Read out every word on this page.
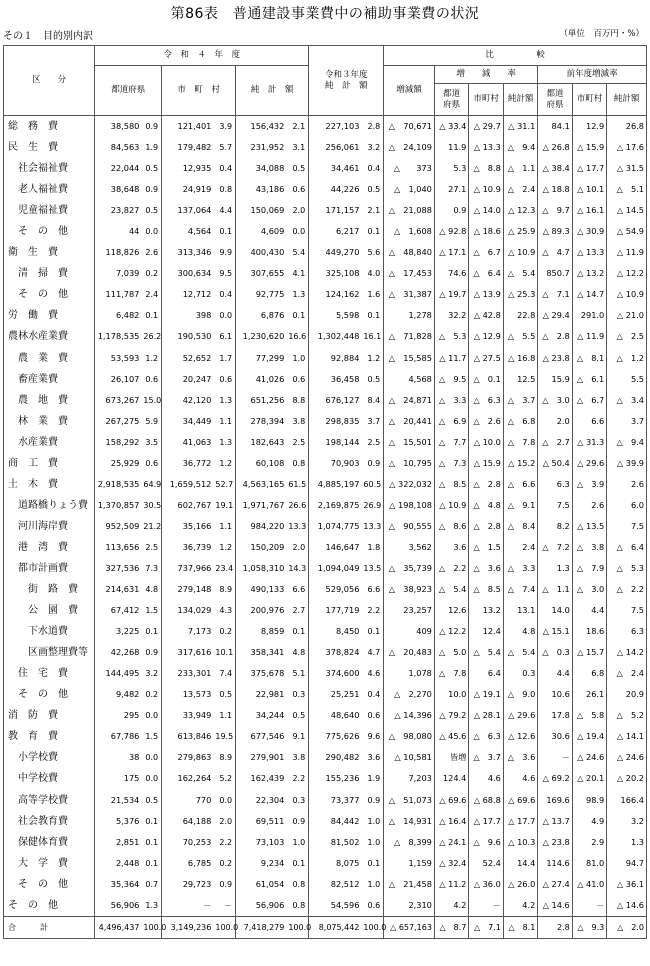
第86表　普通建設事業費中の補助事業費の状況
その１　目的別内訳	（単位　百万円・%）
区　　分	令　和　４　年　度						令和３年度
純　計　額		比　　　　　較						
	都道府県		市　町　村		純　計　額				増減額	増　　減　　率			前年度増減率		
										都道
府県	市町村	純計額	都道
府県	市町村	純計額
総　務　費	38,580	0.9	121,401	3.9	156,432	2.1	227,103	2.8	△　70,671	△ 33.4	△ 29.7	△ 31.1	84.1	12.9	26.8
民　生　費	84,563	1.9	179,482	5.7	231,952	3.1	256,061	3.2	△　24,109	11.9	△ 13.3	△　9.4	△ 26.8	△ 15.9	△ 17.6
社会福祉費	22,044	0.5	12,935	0.4	34,088	0.5	34,461	0.4	△　　373	5.3	△　8.8	△　1.1	△ 38.4	△ 17.7	△ 31.5
老人福祉費	38,648	0.9	24,919	0.8	43,186	0.6	44,226	0.5	△　1,040	27.1	△ 10.9	△　2.4	△ 18.8	△ 10.1	△　5.1
児童福祉費	23,827	0.5	137,064	4.4	150,069	2.0	171,157	2.1	△　21,088	0.9	△ 14.0	△ 12.3	△　9.7	△ 16.1	△ 14.5
そ　の　他	44	0.0	4,564	0.1	4,609	0.0	6,217	0.1	△　1,608	△ 92.8	△ 18.6	△ 25.9	△ 89.3	△ 30.9	△ 54.9
衛　生　費	118,826	2.6	313,346	9.9	400,430	5.4	449,270	5.6	△　48,840	△ 17.1	△　6.7	△ 10.9	△　4.7	△ 13.3	△ 11.9
清　掃　費	7,039	0.2	300,634	9.5	307,655	4.1	325,108	4.0	△　17,453	74.6	△　6.4	△　5.4	850.7	△ 13.2	△ 12.2
そ　の　他	111,787	2.4	12,712	0.4	92,775	1.3	124,162	1.6	△　31,387	△ 19.7	△ 13.9	△ 25.3	△　7.1	△ 14.7	△ 10.9
労　働　費	6,482	0.1	398	0.0	6,876	0.1	5,598	0.1	1,278	32.2	△ 42.8	22.8	△ 29.4	291.0	△ 21.0
農林水産業費	1,178,535	26.2	190,530	6.1	1,230,620	16.6	1,302,448	16.1	△　71,828	△　5.3	△ 12.9	△　5.5	△　2.8	△ 11.9	△　2.5
農　業　費	53,593	1.2	52,652	1.7	77,299	1.0	92,884	1.2	△　15,585	△ 11.7	△ 27.5	△ 16.8	△ 23.8	△　8.1	△　1.2
畜産業費	26,107	0.6	20,247	0.6	41,026	0.6	36,458	0.5	4,568	△　9.5	△　0.1	12.5	15.9	△　6.1	5.5
農　地　費	673,267	15.0	42,120	1.3	651,256	8.8	676,127	8.4	△　24,871	△　3.3	△　6.3	△　3.7	△　3.0	△　6.7	△　3.4
林　業　費	267,275	5.9	34,449	1.1	278,394	3.8	298,835	3.7	△　20,441	△　6.9	△　2.6	△　6.8	2.0	6.6	3.7
水産業費	158,292	3.5	41,063	1.3	182,643	2.5	198,144	2.5	△　15,501	△　7.7	△ 10.0	△　7.8	△　2.7	△ 31.3	△　9.4
商　工　費	25,929	0.6	36,772	1.2	60,108	0.8	70,903	0.9	△　10,795	△　7.3	△ 15.9	△ 15.2	△ 50.4	△ 29.6	△ 39.9
土　木　費	2,918,535	64.9	1,659,512	52.7	4,563,165	61.5	4,885,197	60.5	△ 322,032	△　8.5	△　2.8	△　6.6	6.3	△　3.9	2.6
道路橋りょう費	1,370,857	30.5	602,767	19.1	1,971,767	26.6	2,169,875	26.9	△ 198,108	△ 10.9	△　4.8	△　9.1	7.5	2.6	6.0
河川海岸費	952,509	21.2	35,166	1.1	984,220	13.3	1,074,775	13.3	△　90,555	△　8.6	△　2.8	△　8.4	8.2	△ 13.5	7.5
港　湾　費	113,656	2.5	36,739	1.2	150,209	2.0	146,647	1.8	3,562	3.6	△　1.5	2.4	△　7.2	△　3.8	△　6.4
都市計画費	327,536	7.3	737,966	23.4	1,058,310	14.3	1,094,049	13.5	△　35,739	△　2.2	△　3.6	△　3.3	1.3	△　7.9	△　5.3
街　路　費	214,631	4.8	279,148	8.9	490,133	6.6	529,056	6.6	△　38,923	△　5.4	△　8.5	△　7.4	△　1.1	△　3.0	△　2.2
公　園　費	67,412	1.5	134,029	4.3	200,976	2.7	177,719	2.2	23,257	12.6	13.2	13.1	14.0	4.4	7.5
下水道費	3,225	0.1	7,173	0.2	8,859	0.1	8,450	0.1	409	△ 12.2	12.4	4.8	△ 15.1	18.6	6.3
区画整理費等	42,268	0.9	317,616	10.1	358,341	4.8	378,824	4.7	△　20,483	△　5.0	△　5.4	△　5.4	△　0.3	△ 15.7	△ 14.2
住　宅　費	144,495	3.2	233,301	7.4	375,678	5.1	374,600	4.6	1,078	△　7.8	6.4	0.3	4.4	6.8	△　2.4
そ　の　他	9,482	0.2	13,573	0.5	22,981	0.3	25,251	0.4	△　2,270	10.0	△ 19.1	△　9.0	10.6	26.1	20.9
消　防　費	295	0.0	33,949	1.1	34,244	0.5	48,640	0.6	△ 14,396	△ 79.2	△ 28.1	△ 29.6	17.8	△　5.8	△　5.2
教　育　費	67,786	1.5	613,846	19.5	677,546	9.1	775,626	9.6	△　98,080	△ 45.6	△　6.3	△ 12.6	30.6	△ 19.4	△ 14.1
小学校費	38	0.0	279,863	8.9	279,901	3.8	290,482	3.6	△ 10,581	皆増	△　3.7	△　3.6	－	△ 24.6	△ 24.6
中学校費	175	0.0	162,264	5.2	162,439	2.2	155,236	1.9	7,203	124.4	4.6	4.6	△ 69.2	△ 20.1	△ 20.2
高等学校費	21,534	0.5	770	0.0	22,304	0.3	73,377	0.9	△　51,073	△ 69.6	△ 68.8	△ 69.6	169.6	98.9	166.4
社会教育費	5,376	0.1	64,188	2.0	69,511	0.9	84,442	1.0	△　14,931	△ 16.4	△ 17.7	△ 17.7	△ 13.7	4.9	3.2
保健体育費	2,851	0.1	70,253	2.2	73,103	1.0	81,502	1.0	△　8,399	△ 24.1	△　9.6	△ 10.3	△ 23.8	2.9	1.3
大　学　費	2,448	0.1	6,785	0.2	9,234	0.1	8,075	0.1	1,159	△ 32.4	52.4	14.4	114.6	81.0	94.7
そ　の　他	35,364	0.7	29,723	0.9	61,054	0.8	82,512	1.0	△　21,458	△ 11.2	△ 36.0	△ 26.0	△ 27.4	△ 41.0	△ 36.1
そ　の　他	56,906	1.3	－	－	56,906	0.8	54,596	0.6	2,310	4.2	－	4.2	△ 14.6	－	△ 14.6
合　　　計	4,496,437	100.0	3,149,236	100.0	7,418,279	100.0	8,075,442	100.0	△ 657,163	△　8.7	△　7.1	△　8.1	2.8	△　9.3	△　2.0
